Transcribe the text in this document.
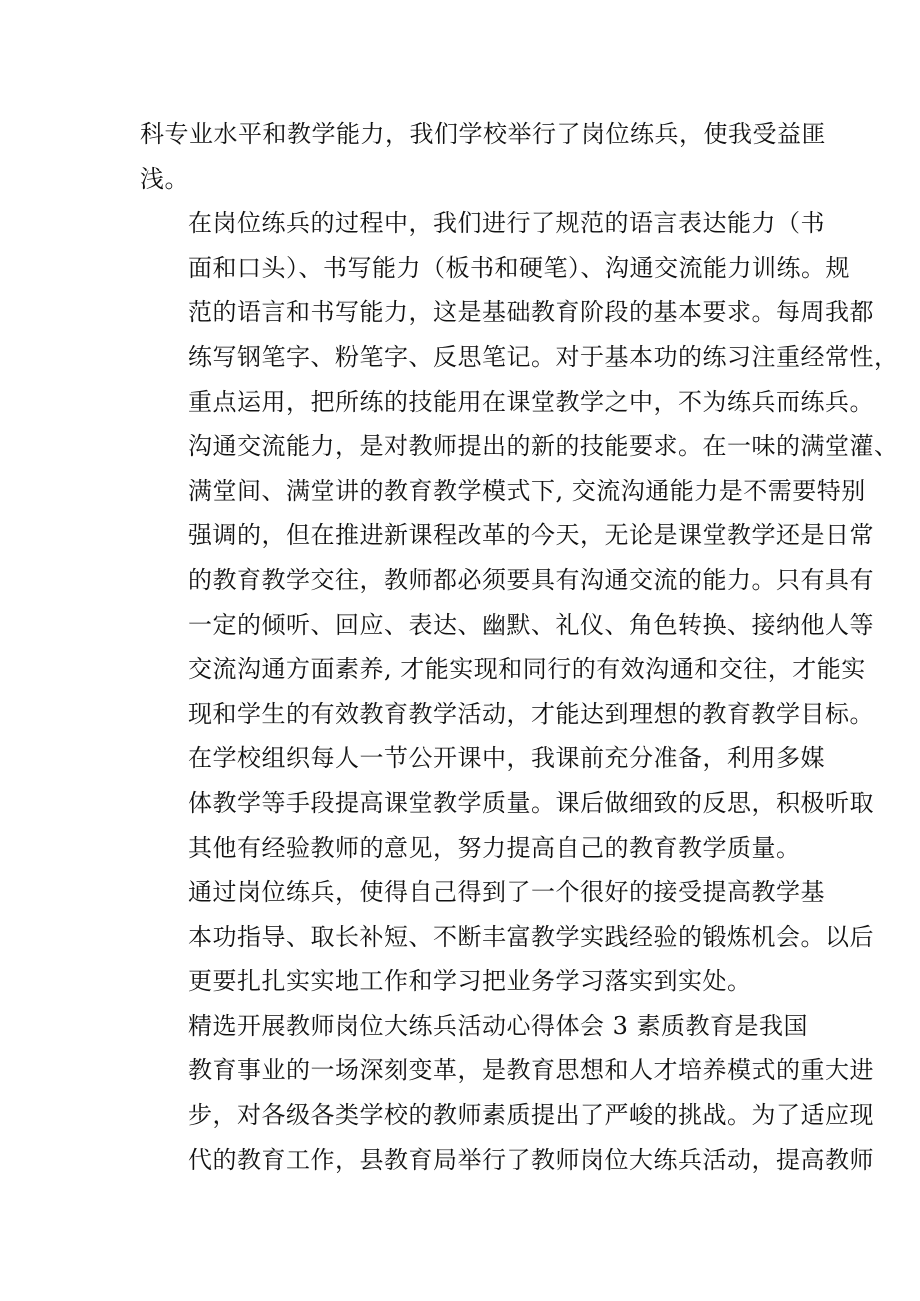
科专业水平和教学能力，我们学校举行了岗位练兵，使我受益匪
浅。

在岗位练兵的过程中，我们进行了规范的语言表达能力（书
面和口头）、书写能力（板书和硬笔）、沟通交流能力训练。规
范的语言和书写能力，这是基础教育阶段的基本要求。每周我都
练写钢笔字、粉笔字、反思笔记。对于基本功的练习注重经常性，
重点运用，把所练的技能用在课堂教学之中，不为练兵而练兵。
沟通交流能力，是对教师提出的新的技能要求。在一味的满堂灌、
满堂间、满堂讲的教育教学模式下, 交流沟通能力是不需要特别
强调的，但在推进新课程改革的今天，无论是课堂教学还是日常
的教育教学交往，教师都必须要具有沟通交流的能力。只有具有
一定的倾听、回应、表达、幽默、礼仪、角色转换、接纳他人等
交流沟通方面素养, 才能实现和同行的有效沟通和交往，才能实
现和学生的有效教育教学活动，才能达到理想的教育教学目标。

在学校组织每人一节公开课中，我课前充分准备，利用多媒
体教学等手段提高课堂教学质量。课后做细致的反思，积极听取
其他有经验教师的意见，努力提高自己的教育教学质量。

通过岗位练兵，使得自己得到了一个很好的接受提高教学基
本功指导、取长补短、不断丰富教学实践经验的锻炼机会。以后
更要扎扎实实地工作和学习把业务学习落实到实处。

精选开展教师岗位大练兵活动心得体会 3 素质教育是我国
教育事业的一场深刻变革，是教育思想和人才培养模式的重大进
步，对各级各类学校的教师素质提出了严峻的挑战。为了适应现
代的教育工作，县教育局举行了教师岗位大练兵活动，提高教师
